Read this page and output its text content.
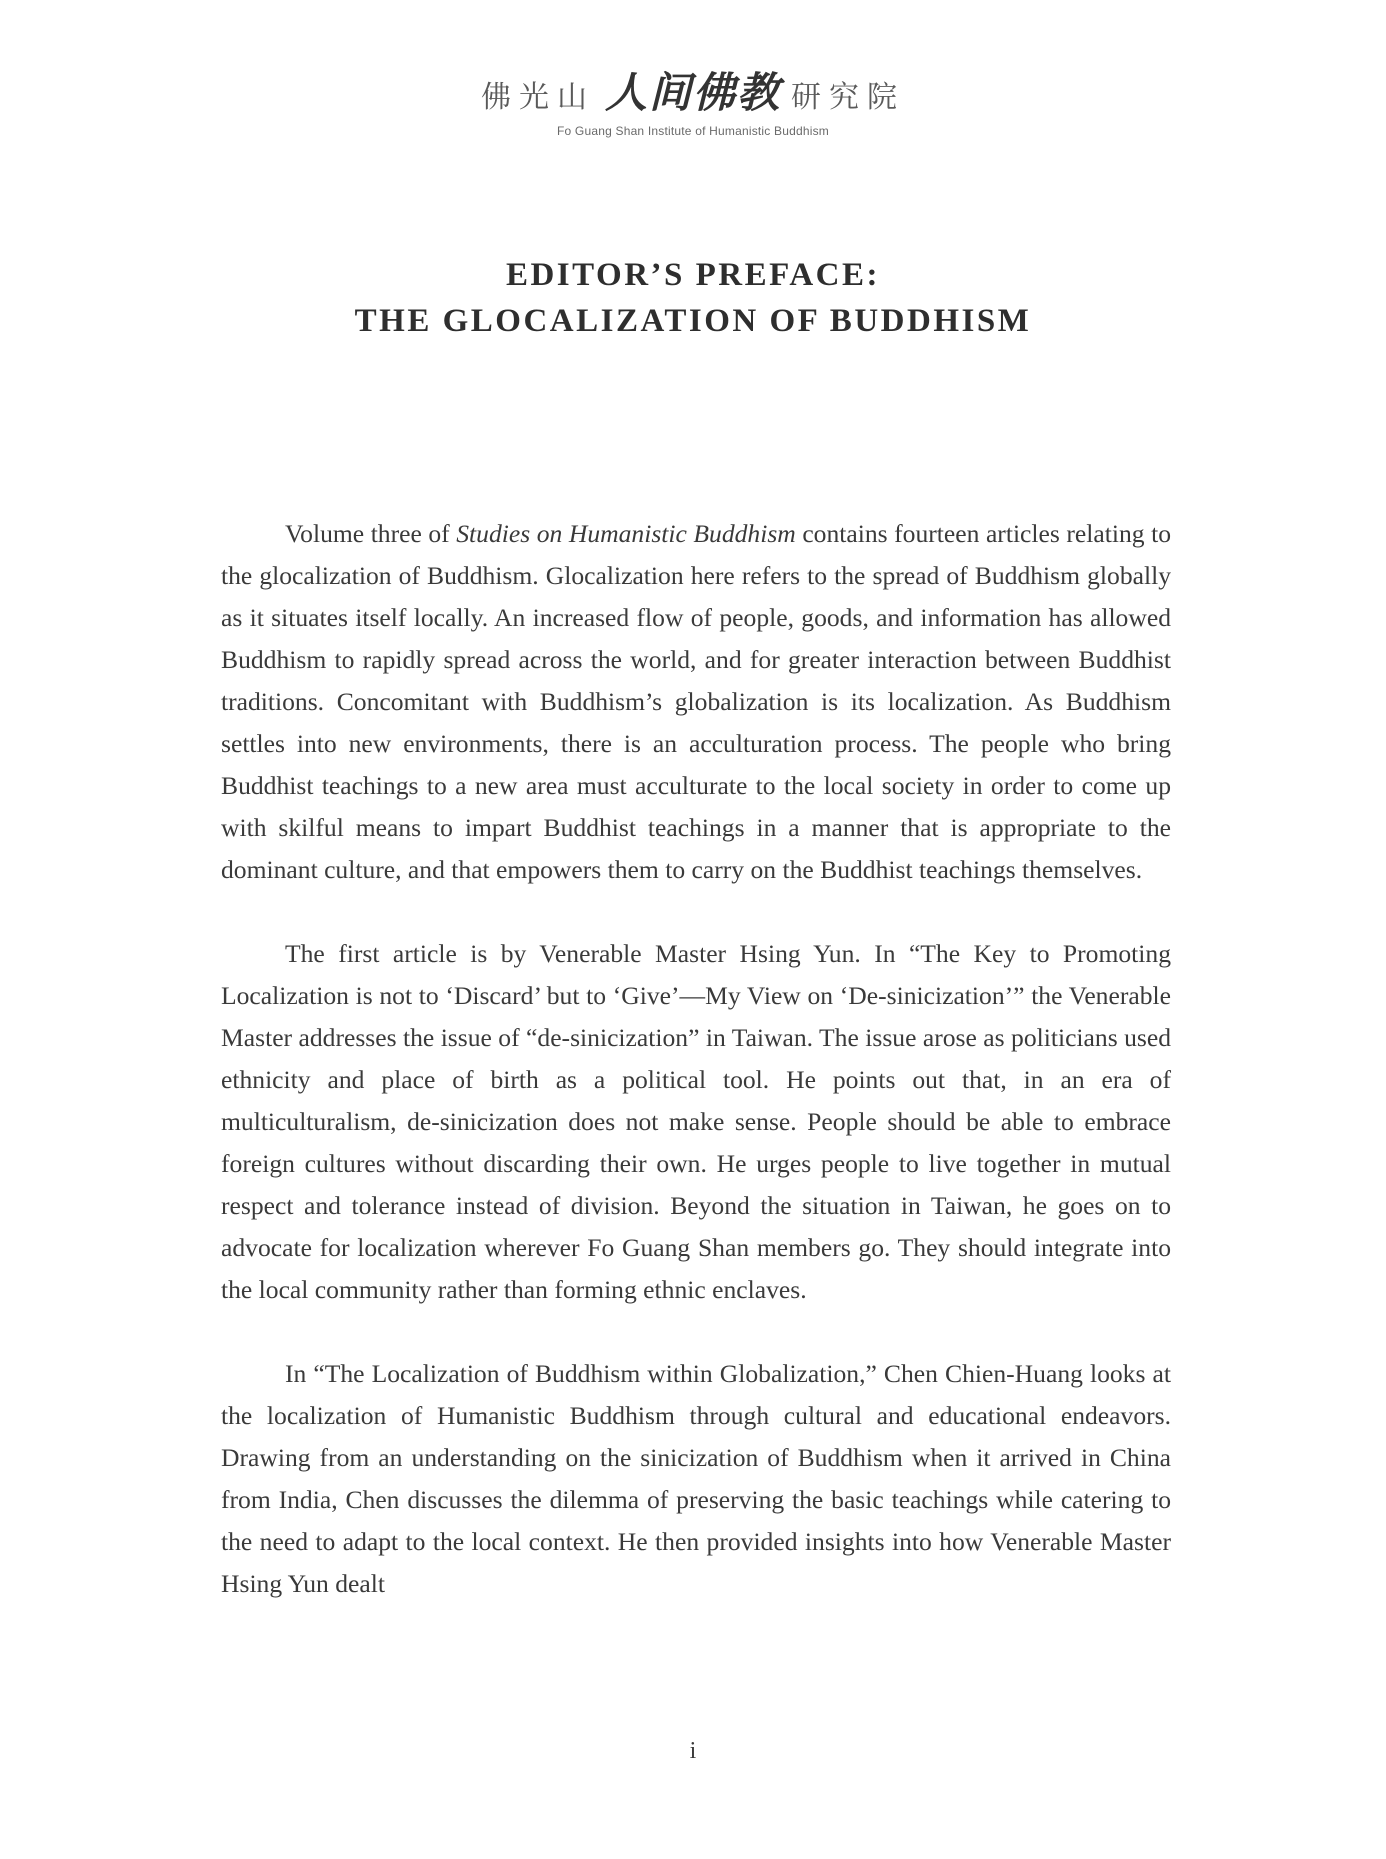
佛光山 人间佛教 研究院
Fo Guang Shan Institute of Humanistic Buddhism
EDITOR’S PREFACE:
THE GLOCALIZATION OF BUDDHISM

Volume three of Studies on Humanistic Buddhism contains fourteen articles relating to the glocalization of Buddhism. Glocalization here refers to the spread of Buddhism globally as it situates itself locally. An increased flow of people, goods, and information has allowed Buddhism to rapidly spread across the world, and for greater interaction between Buddhist traditions. Concomitant with Buddhism’s globalization is its localization. As Buddhism settles into new environments, there is an acculturation process. The people who bring Buddhist teachings to a new area must acculturate to the local society in order to come up with skilful means to impart Buddhist teachings in a manner that is appropriate to the dominant culture, and that empowers them to carry on the Buddhist teachings themselves.

The first article is by Venerable Master Hsing Yun. In “The Key to Promoting Localization is not to ‘Discard’ but to ‘Give’—My View on ‘De-sinicization’” the Venerable Master addresses the issue of “de-sinicization” in Taiwan. The issue arose as politicians used ethnicity and place of birth as a political tool. He points out that, in an era of multiculturalism, de-sinicization does not make sense. People should be able to embrace foreign cultures without discarding their own. He urges people to live together in mutual respect and tolerance instead of division. Beyond the situation in Taiwan, he goes on to advocate for localization wherever Fo Guang Shan members go. They should integrate into the local community rather than forming ethnic enclaves.

In “The Localization of Buddhism within Globalization,” Chen Chien-Huang looks at the localization of Humanistic Buddhism through cultural and educational endeavors. Drawing from an understanding on the sinicization of Buddhism when it arrived in China from India, Chen discusses the dilemma of preserving the basic teachings while catering to the need to adapt to the local context. He then provided insights into how Venerable Master Hsing Yun dealt

i
